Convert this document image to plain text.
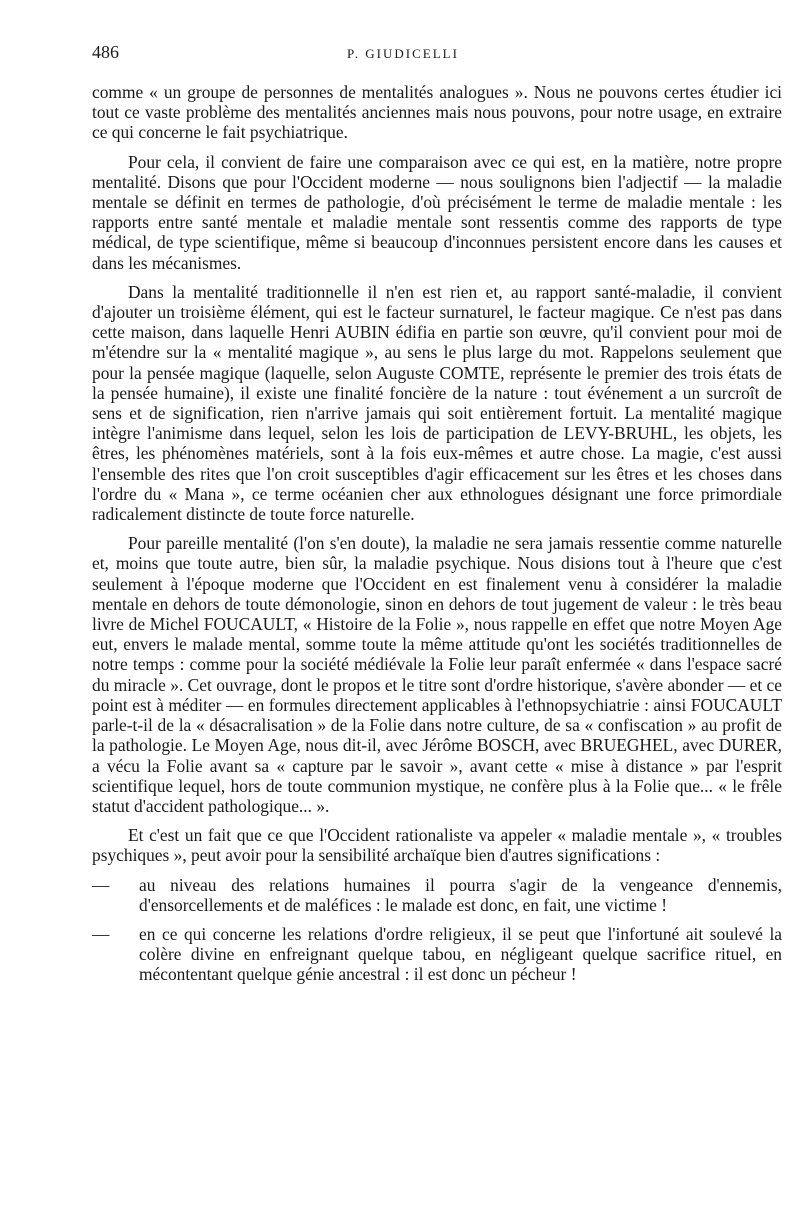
486	P. GIUDICELLI

comme « un groupe de personnes de mentalités analogues ». Nous ne pouvons certes étudier ici tout ce vaste problème des mentalités anciennes mais nous pouvons, pour notre usage, en extraire ce qui concerne le fait psychiatrique.

Pour cela, il convient de faire une comparaison avec ce qui est, en la matière, notre propre mentalité. Disons que pour l'Occident moderne — nous soulignons bien l'adjectif — la maladie mentale se définit en termes de pathologie, d'où précisément le terme de maladie mentale : les rapports entre santé mentale et maladie mentale sont ressentis comme des rapports de type médical, de type scientifique, même si beaucoup d'inconnues persistent encore dans les causes et dans les mécanismes.

Dans la mentalité traditionnelle il n'en est rien et, au rapport santé-maladie, il convient d'ajouter un troisième élément, qui est le facteur surnaturel, le facteur magique. Ce n'est pas dans cette maison, dans laquelle Henri AUBIN édifia en partie son œuvre, qu'il convient pour moi de m'étendre sur la « mentalité magique », au sens le plus large du mot. Rappelons seulement que pour la pensée magique (laquelle, selon Auguste COMTE, représente le premier des trois états de la pensée humaine), il existe une finalité foncière de la nature : tout événement a un surcroît de sens et de signification, rien n'arrive jamais qui soit entièrement fortuit. La mentalité magique intègre l'animisme dans lequel, selon les lois de participation de LEVY-BRUHL, les objets, les êtres, les phénomènes matériels, sont à la fois eux-mêmes et autre chose. La magie, c'est aussi l'ensemble des rites que l'on croit susceptibles d'agir efficacement sur les êtres et les choses dans l'ordre du « Mana », ce terme océanien cher aux ethnologues désignant une force primordiale radicalement distincte de toute force naturelle.

Pour pareille mentalité (l'on s'en doute), la maladie ne sera jamais ressentie comme naturelle et, moins que toute autre, bien sûr, la maladie psychique. Nous disions tout à l'heure que c'est seulement à l'époque moderne que l'Occident en est finalement venu à considérer la maladie mentale en dehors de toute démonologie, sinon en dehors de tout jugement de valeur : le très beau livre de Michel FOUCAULT, « Histoire de la Folie », nous rappelle en effet que notre Moyen Age eut, envers le malade mental, somme toute la même attitude qu'ont les sociétés traditionnelles de notre temps : comme pour la société médiévale la Folie leur paraît enfermée « dans l'espace sacré du miracle ». Cet ouvrage, dont le propos et le titre sont d'ordre historique, s'avère abonder — et ce point est à méditer — en formules directement applicables à l'ethnopsychiatrie : ainsi FOUCAULT parle-t-il de la « désacralisation » de la Folie dans notre culture, de sa « confiscation » au profit de la pathologie. Le Moyen Age, nous dit-il, avec Jérôme BOSCH, avec BRUEGHEL, avec DURER, a vécu la Folie avant sa « capture par le savoir », avant cette « mise à distance » par l'esprit scientifique lequel, hors de toute communion mystique, ne confère plus à la Folie que... « le frêle statut d'accident pathologique... ».

Et c'est un fait que ce que l'Occident rationaliste va appeler « maladie mentale », « troubles psychiques », peut avoir pour la sensibilité archaïque bien d'autres significations :

— au niveau des relations humaines il pourra s'agir de la vengeance d'ennemis, d'ensorcellements et de maléfices : le malade est donc, en fait, une victime !
— en ce qui concerne les relations d'ordre religieux, il se peut que l'infortuné ait soulevé la colère divine en enfreignant quelque tabou, en négligeant quelque sacrifice rituel, en mécontentant quelque génie ancestral : il est donc un pécheur !
